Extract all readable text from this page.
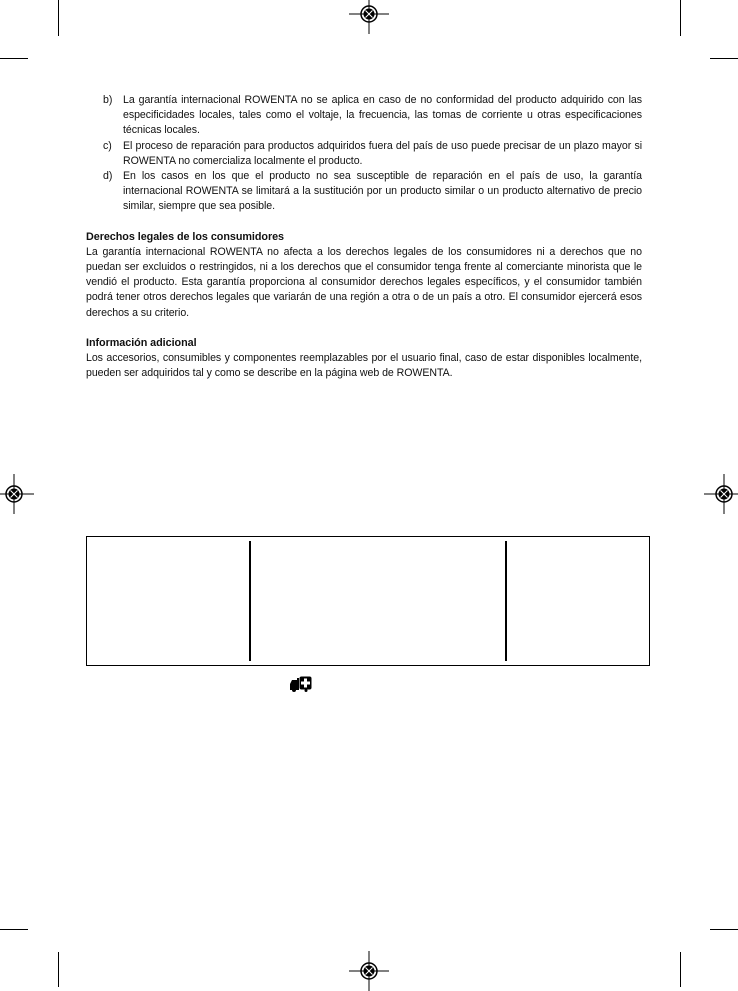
b) La garantía internacional ROWENTA no se aplica en caso de no conformidad del producto adquirido con las especificidades locales, tales como el voltaje, la frecuencia, las tomas de corriente u otras especificaciones técnicas locales.

c) El proceso de reparación para productos adquiridos fuera del país de uso puede precisar de un plazo mayor si ROWENTA no comercializa localmente el producto.

d) En los casos en los que el producto no sea susceptible de reparación en el país de uso, la garantía internacional ROWENTA se limitará a la sustitución por un producto similar o un producto alternativo de precio similar, siempre que sea posible.

Derechos legales de los consumidores

La garantía internacional ROWENTA no afecta a los derechos legales de los consumidores ni a derechos que no puedan ser excluidos o restringidos, ni a los derechos que el consumidor tenga frente al comerciante minorista que le vendió el producto. Esta garantía proporciona al consumidor derechos legales específicos, y el consumidor también podrá tener otros derechos legales que variarán de una región a otra o de un país a otro. El consumidor ejercerá esos derechos a su criterio.

Información adicional

Los accesorios, consumibles y componentes reemplazables por el usuario final, caso de estar disponibles localmente, pueden ser adquiridos tal y como se describe en la página web de ROWENTA.
